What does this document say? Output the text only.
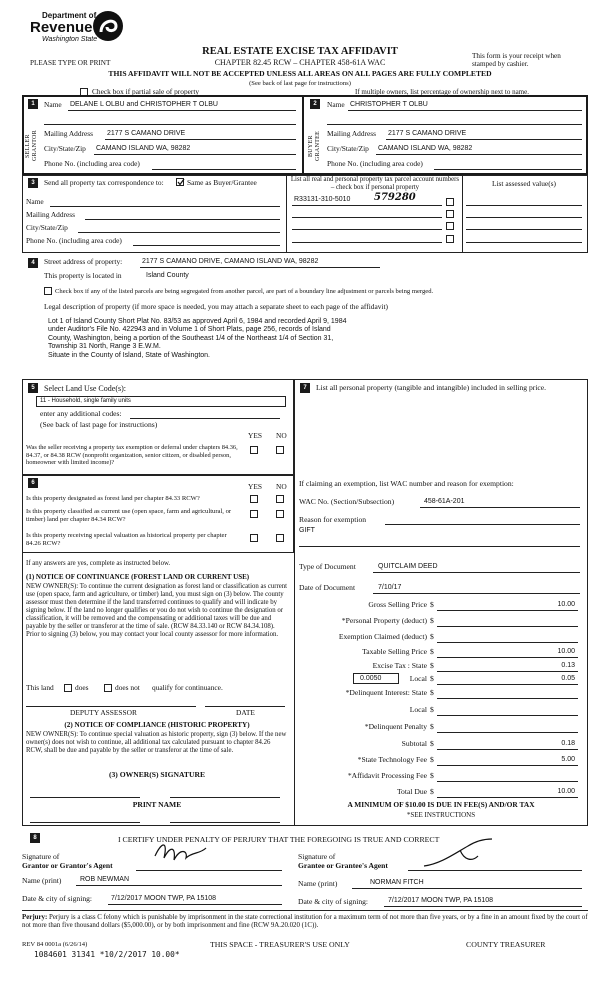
Department of
Revenue
Washington State
REAL ESTATE EXCISE TAX AFFIDAVIT
CHAPTER 82.45 RCW – CHAPTER 458-61A WAC
This form is your receipt when stamped by cashier.
PLEASE TYPE OR PRINT
THIS AFFIDAVIT WILL NOT BE ACCEPTED UNLESS ALL AREAS ON ALL PAGES ARE FULLY COMPLETED
(See back of last page for instructions)
Check box if partial sale of property	If multiple owners, list percentage of ownership next to name.
1
SELLER GRANTOR
Name DELANE L OLBU and CHRISTOPHER T OLBU
Mailing Address 2177 S CAMANO DRIVE
City/State/Zip CAMANO ISLAND WA, 98282
Phone No. (including area code)
2
BUYER GRANTEE
Name CHRISTOPHER T OLBU
Mailing Address 2177 S CAMANO DRIVE
City/State/Zip CAMANO ISLAND WA, 98282
Phone No. (including area code)
3	Send all property tax correspondence to:	Same as Buyer/Grantee
Name
Mailing Address
City/State/Zip
Phone No. (including area code)
List all real and personal property tax parcel account numbers – check box if personal property	List assessed value(s)
R33131-310-5010 579280
4	Street address of property:	2177 S CAMANO DRIVE, CAMANO ISLAND WA, 98282
This property is located in	Island County
Check box if any of the listed parcels are being segregated from another parcel, are part of a boundary line adjustment or parcels being merged.
Legal description of property (if more space is needed, you may attach a separate sheet to each page of the affidavit)
Lot 1 of Island County Short Plat No. 83/53 as approved April 6, 1984 and recorded April 9, 1984
under Auditor's File No. 422943 and in Volume 1 of Short Plats, page 256, records of Island
County, Washington, being a portion of the Southeast 1/4 of the Northeast 1/4 of Section 31,
Township 31 North, Range 3 E.W.M.
Situate in the County of Island, State of Washington.
5	Select Land Use Code(s):
11 - Household, single family units
enter any additional codes:
(See back of last page for instructions)
YES NO
Was the seller receiving a property tax exemption or deferral under chapters 84.36, 84.37, or 84.38 RCW (nonprofit organization, senior citizen, or disabled person, homeowner with limited income)?
6	YES NO
Is this property designated as forest land per chapter 84.33 RCW?
Is this property classified as current use (open space, farm and agricultural, or timber) land per chapter 84.34 RCW?
Is this property receiving special valuation as historical property per chapter 84.26 RCW?
If any answers are yes, complete as instructed below.
(1) NOTICE OF CONTINUANCE (FOREST LAND OR CURRENT USE)
NEW OWNER(S): To continue the current designation as forest land or classification as current use (open space, farm and agriculture, or timber) land, you must sign on (3) below. The county assessor must then determine if the land transferred continues to qualify and will indicate by signing below. If the land no longer qualifies or you do not wish to continue the designation or classification, it will be removed and the compensating or additional taxes will be due and payable by the seller or transferor at the time of sale. (RCW 84.33.140 or RCW 84.34.108). Prior to signing (3) below, you may contact your local county assessor for more information.
This land	does	does not qualify for continuance.
DEPUTY ASSESSOR	DATE
(2) NOTICE OF COMPLIANCE (HISTORIC PROPERTY)
NEW OWNER(S): To continue special valuation as historic property, sign (3) below. If the new owner(s) does not wish to continue, all additional tax calculated pursuant to chapter 84.26 RCW, shall be due and payable by the seller or transferor at the time of sale.
(3) OWNER(S) SIGNATURE
PRINT NAME
7	List all personal property (tangible and intangible) included in selling price.
If claiming an exemption, list WAC number and reason for exemption:
WAC No. (Section/Subsection)	458-61A-201
Reason for exemption
GIFT
Type of Document	QUITCLAIM DEED
Date of Document	7/10/17
Gross Selling Price $	10.00
*Personal Property (deduct) $
Exemption Claimed (deduct) $
Taxable Selling Price $	10.00
Excise Tax : State $	0.13
0.0050	Local $	0.05
*Delinquent Interest: State $
Local $
*Delinquent Penalty $
Subtotal $	0.18
*State Technology Fee $	5.00
*Affidavit Processing Fee $
Total Due $	10.00
A MINIMUM OF $10.00 IS DUE IN FEE(S) AND/OR TAX
*SEE INSTRUCTIONS
8	I CERTIFY UNDER PENALTY OF PERJURY THAT THE FOREGOING IS TRUE AND CORRECT
Signature of
Grantor or Grantor's Agent
Name (print)	ROB NEWMAN
Date & city of signing:	7/12/2017 MOON TWP, PA 15108
Signature of
Grantee or Grantee's Agent
Name (print)	NORMAN FITCH
Date & city of signing:	7/12/2017 MOON TWP, PA 15108
Perjury: Perjury is a class C felony which is punishable by imprisonment in the state correctional institution for a maximum term of not more than five years, or by a fine in an amount fixed by the court of not more than five thousand dollars ($5,000.00), or by both imprisonment and fine (RCW 9A.20.020 (1C)).
REV 84 0001a (6/26/14)	THIS SPACE - TREASURER'S USE ONLY	COUNTY TREASURER
1084601 31341 *10/2/2017 10.00*
